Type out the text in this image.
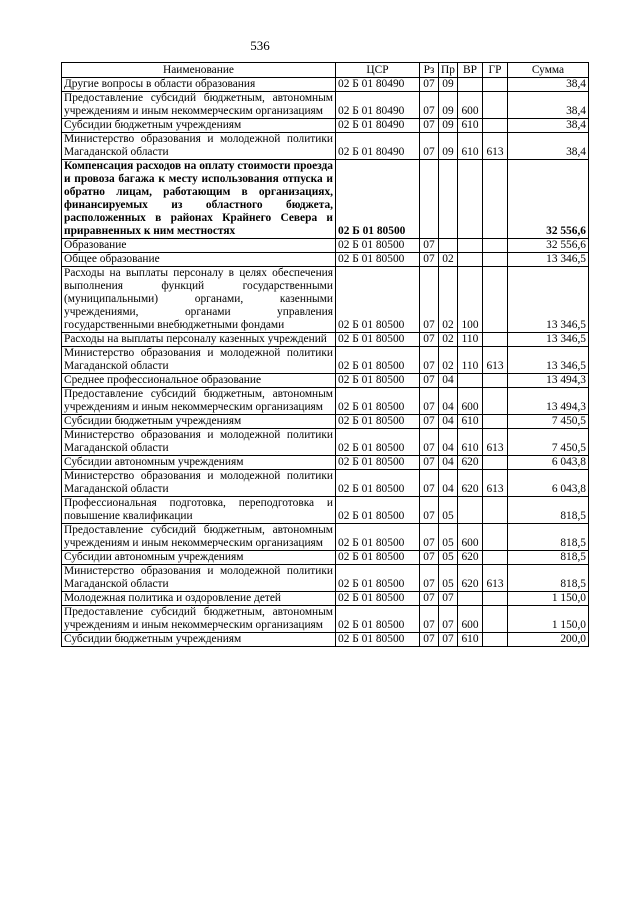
536
Наименование	ЦСР	Рз	Пр	ВР	ГР	Сумма
Другие вопросы в области образования	02 Б 01 80490	07	09			38,4
Предоставление субсидий бюджетным, автономным учреждениям и иным некоммерческим организациям	02 Б 01 80490	07	09	600		38,4
Субсидии бюджетным учреждениям	02 Б 01 80490	07	09	610		38,4
Министерство образования и молодежной политики Магаданской области	02 Б 01 80490	07	09	610	613	38,4
Компенсация расходов на оплату стоимости проезда и провоза багажа к месту использования отпуска и обратно лицам, работающим в организациях, финансируемых из областного бюджета, расположенных в районах Крайнего Севера и приравненных к ним местностях	02 Б 01 80500					32 556,6
Образование	02 Б 01 80500	07				32 556,6
Общее образование	02 Б 01 80500	07	02			13 346,5
Расходы на выплаты персоналу в целях обеспечения выполнения функций государственными (муниципальными) органами, казенными учреждениями, органами управления государственными внебюджетными фондами	02 Б 01 80500	07	02	100		13 346,5
Расходы на выплаты персоналу казенных учреждений	02 Б 01 80500	07	02	110		13 346,5
Министерство образования и молодежной политики Магаданской области	02 Б 01 80500	07	02	110	613	13 346,5
Среднее профессиональное образование	02 Б 01 80500	07	04			13 494,3
Предоставление субсидий бюджетным, автономным учреждениям и иным некоммерческим организациям	02 Б 01 80500	07	04	600		13 494,3
Субсидии бюджетным учреждениям	02 Б 01 80500	07	04	610		7 450,5
Министерство образования и молодежной политики Магаданской области	02 Б 01 80500	07	04	610	613	7 450,5
Субсидии автономным учреждениям	02 Б 01 80500	07	04	620		6 043,8
Министерство образования и молодежной политики Магаданской области	02 Б 01 80500	07	04	620	613	6 043,8
Профессиональная подготовка, переподготовка и повышение квалификации	02 Б 01 80500	07	05			818,5
Предоставление субсидий бюджетным, автономным учреждениям и иным некоммерческим организациям	02 Б 01 80500	07	05	600		818,5
Субсидии автономным учреждениям	02 Б 01 80500	07	05	620		818,5
Министерство образования и молодежной политики Магаданской области	02 Б 01 80500	07	05	620	613	818,5
Молодежная политика и оздоровление детей	02 Б 01 80500	07	07			1 150,0
Предоставление субсидий бюджетным, автономным учреждениям и иным некоммерческим организациям	02 Б 01 80500	07	07	600		1 150,0
Субсидии бюджетным учреждениям	02 Б 01 80500	07	07	610		200,0
